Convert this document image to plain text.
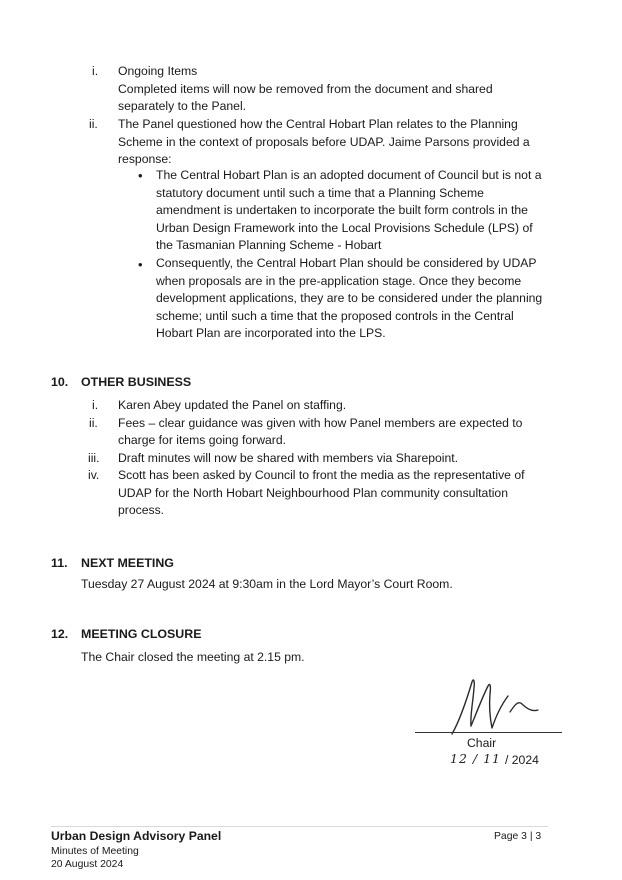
i.	Ongoing Items
Completed items will now be removed from the document and shared
separately to the Panel.
ii.	The Panel questioned how the Central Hobart Plan relates to the Planning
Scheme in the context of proposals before UDAP. Jaime Parsons provided a
response:
• The Central Hobart Plan is an adopted document of Council but is not a
statutory document until such a time that a Planning Scheme
amendment is undertaken to incorporate the built form controls in the
Urban Design Framework into the Local Provisions Schedule (LPS) of
the Tasmanian Planning Scheme - Hobart
• Consequently, the Central Hobart Plan should be considered by UDAP
when proposals are in the pre-application stage. Once they become
development applications, they are to be considered under the planning
scheme; until such a time that the proposed controls in the Central
Hobart Plan are incorporated into the LPS.
10. OTHER BUSINESS
i.	Karen Abey updated the Panel on staffing.
ii.	Fees – clear guidance was given with how Panel members are expected to
charge for items going forward.
iii.	Draft minutes will now be shared with members via Sharepoint.
iv.	Scott has been asked by Council to front the media as the representative of
UDAP for the North Hobart Neighbourhood Plan community consultation
process.
11. NEXT MEETING
Tuesday 27 August 2024 at 9:30am in the Lord Mayor’s Court Room.
12. MEETING CLOSURE
The Chair closed the meeting at 2.15 pm.
Chair
12 / 11 / 2024
Urban Design Advisory Panel
Minutes of Meeting
20 August 2024
Page 3 | 3
